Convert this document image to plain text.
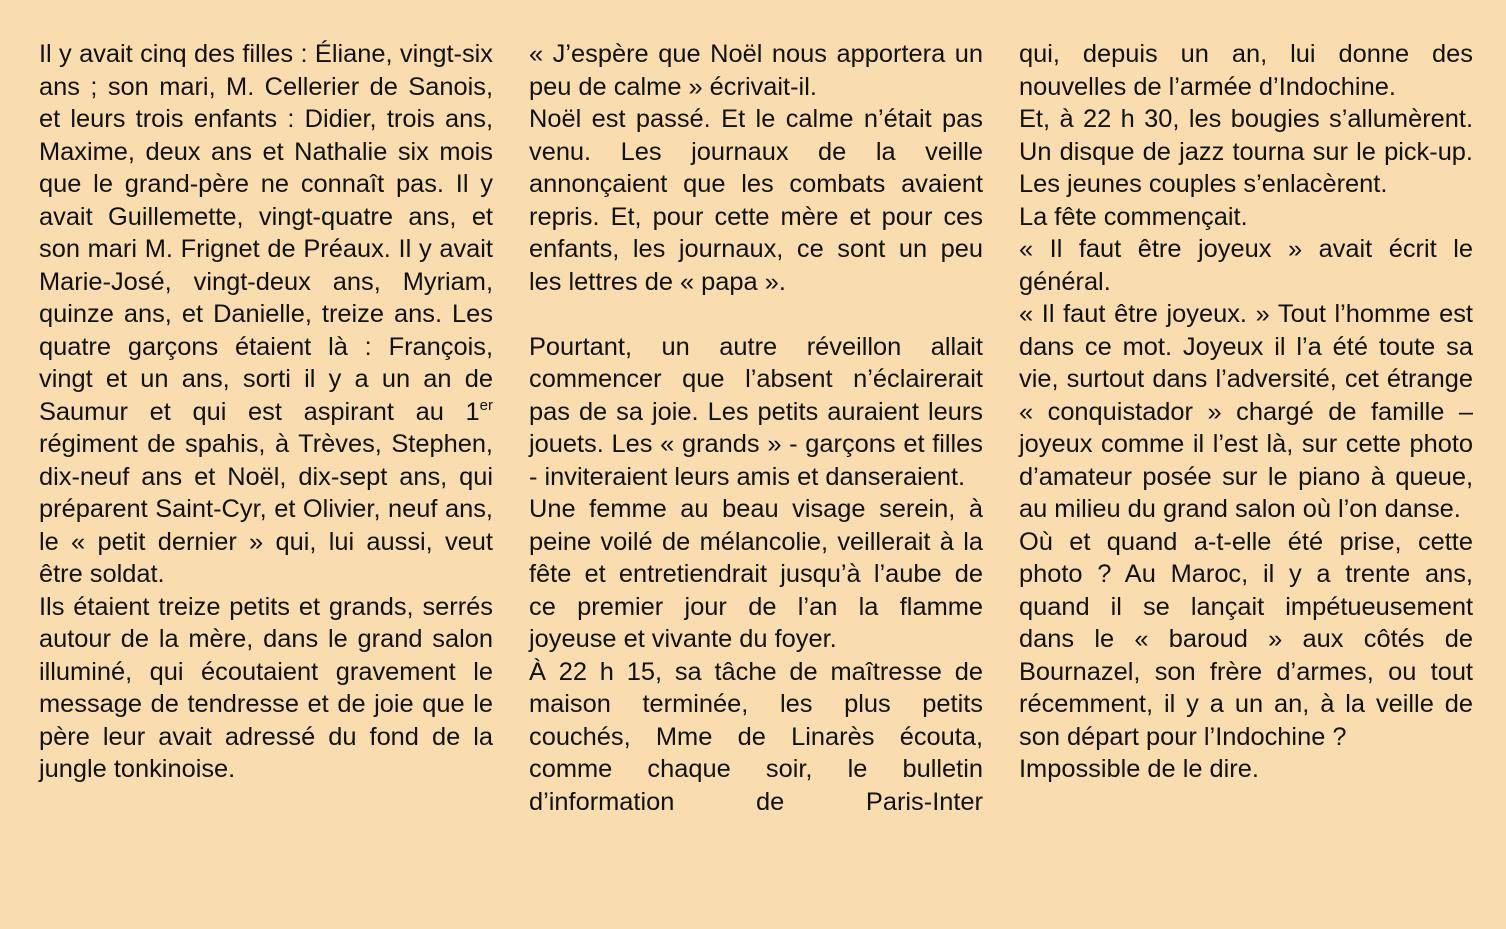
Il y avait cinq des filles : Éliane, vingt-six ans ; son mari, M. Cellerier de Sanois, et leurs trois enfants : Didier, trois ans, Maxime, deux ans et Nathalie six mois que le grand-père ne connaît pas. Il y avait Guillemette, vingt-quatre ans, et son mari M. Frignet de Préaux. Il y avait Marie-José, vingt-deux ans, Myriam, quinze ans, et Danielle, treize ans. Les quatre garçons étaient là : François, vingt et un ans, sorti il y a un an de Saumur et qui est aspirant au 1er régiment de spahis, à Trèves, Stephen, dix-neuf ans et Noël, dix-sept ans, qui préparent Saint-Cyr, et Olivier, neuf ans, le « petit dernier » qui, lui aussi, veut être soldat.

Ils étaient treize petits et grands, serrés autour de la mère, dans le grand salon illuminé, qui écoutaient gravement le message de tendresse et de joie que le père leur avait adressé du fond de la jungle tonkinoise.

« J’espère que Noël nous apportera un peu de calme » écrivait-il.

Noël est passé. Et le calme n’était pas venu. Les journaux de la veille annonçaient que les combats avaient repris. Et, pour cette mère et pour ces enfants, les journaux, ce sont un peu les lettres de « papa ».

Pourtant, un autre réveillon allait commencer que l’absent n’éclairerait pas de sa joie. Les petits auraient leurs jouets. Les « grands » - garçons et filles - inviteraient leurs amis et danseraient.

Une femme au beau visage serein, à peine voilé de mélancolie, veillerait à la fête et entretiendrait jusqu’à l’aube de ce premier jour de l’an la flamme joyeuse et vivante du foyer.

À 22 h 15, sa tâche de maîtresse de maison terminée, les plus petits couchés, Mme de Linarès écouta, comme chaque soir, le bulletin d’information de Paris-Inter

qui, depuis un an, lui donne des nouvelles de l’armée d’Indochine.

Et, à 22 h 30, les bougies s’allumèrent. Un disque de jazz tourna sur le pick-up. Les jeunes couples s’enlacèrent.

La fête commençait.

« Il faut être joyeux » avait écrit le général.

« Il faut être joyeux. » Tout l’homme est dans ce mot. Joyeux il l’a été toute sa vie, surtout dans l’adversité, cet étrange « conquistador » chargé de famille – joyeux comme il l’est là, sur cette photo d’amateur posée sur le piano à queue, au milieu du grand salon où l’on danse.

Où et quand a-t-elle été prise, cette photo ? Au Maroc, il y a trente ans, quand il se lançait impétueusement dans le « baroud » aux côtés de Bournazel, son frère d’armes, ou tout récemment, il y a un an, à la veille de son départ pour l’Indochine ?

Impossible de le dire.
